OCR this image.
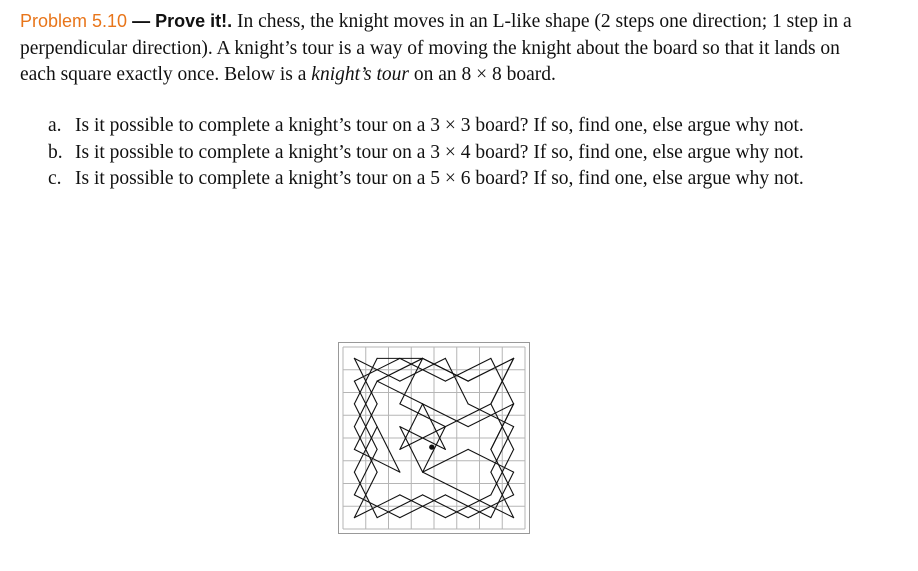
Problem 5.10 — Prove it!. In chess, the knight moves in an L-like shape (2 steps one direction; 1 step in a perpendicular direction). A knight’s tour is a way of moving the knight about the board so that it lands on each square exactly once. Below is a knight’s tour on an 8 × 8 board.
a. Is it possible to complete a knight’s tour on a 3 × 3 board? If so, find one, else argue why not.
b. Is it possible to complete a knight’s tour on a 3 × 4 board? If so, find one, else argue why not.
c. Is it possible to complete a knight’s tour on a 5 × 6 board? If so, find one, else argue why not.
